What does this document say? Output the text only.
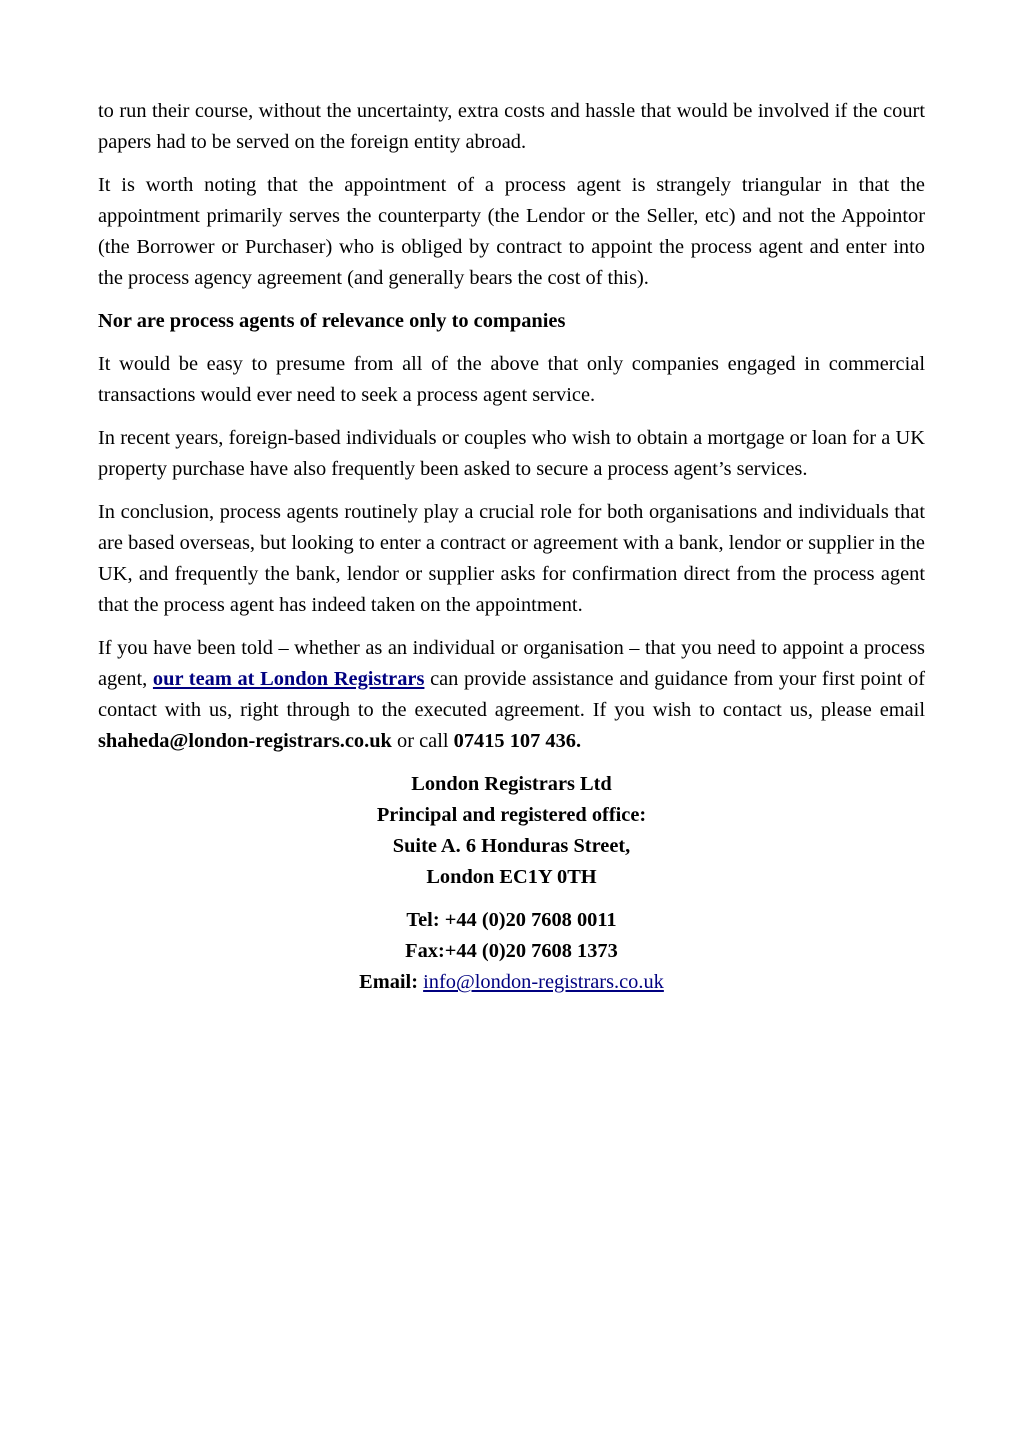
to run their course, without the uncertainty, extra costs and hassle that would be involved if the court papers had to be served on the foreign entity abroad.

It is worth noting that the appointment of a process agent is strangely triangular in that the appointment primarily serves the counterparty (the Lendor or the Seller, etc) and not the Appointor (the Borrower or Purchaser) who is obliged by contract to appoint the process agent and enter into the process agency agreement (and generally bears the cost of this).

Nor are process agents of relevance only to companies

It would be easy to presume from all of the above that only companies engaged in commercial transactions would ever need to seek a process agent service.

In recent years, foreign-based individuals or couples who wish to obtain a mortgage or loan for a UK property purchase have also frequently been asked to secure a process agent’s services.

In conclusion, process agents routinely play a crucial role for both organisations and individuals that are based overseas, but looking to enter a contract or agreement with a bank, lendor or supplier in the UK, and frequently the bank, lendor or supplier asks for confirmation direct from the process agent that the process agent has indeed taken on the appointment.

If you have been told – whether as an individual or organisation – that you need to appoint a process agent, our team at London Registrars can provide assistance and guidance from your first point of contact with us, right through to the executed agreement. If you wish to contact us, please email shaheda@london-registrars.co.uk or call 07415 107 436.

London Registrars Ltd
Principal and registered office:
Suite A. 6 Honduras Street,
London EC1Y 0TH
Tel: +44 (0)20 7608 0011
Fax:+44 (0)20 7608 1373
Email: info@london-registrars.co.uk
